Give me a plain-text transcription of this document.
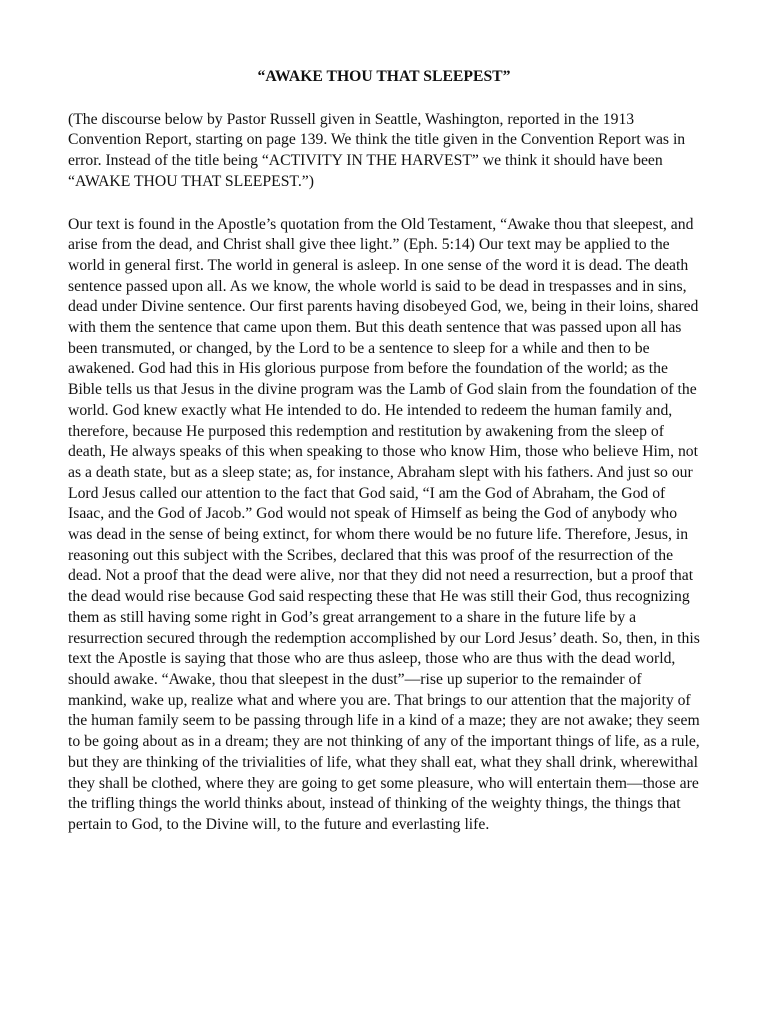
“AWAKE THOU THAT SLEEPEST”
(The discourse below by Pastor Russell given in Seattle, Washington, reported in the 1913 Convention Report, starting on page 139. We think the title given in the Convention Report was in error. Instead of the title being “ACTIVITY IN THE HARVEST” we think it should have been “AWAKE THOU THAT SLEEPEST.”)
Our text is found in the Apostle’s quotation from the Old Testament, “Awake thou that sleepest, and arise from the dead, and Christ shall give thee light.” (Eph. 5:14) Our text may be applied to the world in general first. The world in general is asleep. In one sense of the word it is dead. The death sentence passed upon all. As we know, the whole world is said to be dead in trespasses and in sins, dead under Divine sentence. Our first parents having disobeyed God, we, being in their loins, shared with them the sentence that came upon them. But this death sentence that was passed upon all has been transmuted, or changed, by the Lord to be a sentence to sleep for a while and then to be awakened. God had this in His glorious purpose from before the foundation of the world; as the Bible tells us that Jesus in the divine program was the Lamb of God slain from the foundation of the world. God knew exactly what He intended to do. He intended to redeem the human family and, therefore, because He purposed this redemption and restitution by awakening from the sleep of death, He always speaks of this when speaking to those who know Him, those who believe Him, not as a death state, but as a sleep state; as, for instance, Abraham slept with his fathers. And just so our Lord Jesus called our attention to the fact that God said, “I am the God of Abraham, the God of Isaac, and the God of Jacob.” God would not speak of Himself as being the God of anybody who was dead in the sense of being extinct, for whom there would be no future life. Therefore, Jesus, in reasoning out this subject with the Scribes, declared that this was proof of the resurrection of the dead. Not a proof that the dead were alive, nor that they did not need a resurrection, but a proof that the dead would rise because God said respecting these that He was still their God, thus recognizing them as still having some right in God’s great arrangement to a share in the future life by a resurrection secured through the redemption accomplished by our Lord Jesus’ death. So, then, in this text the Apostle is saying that those who are thus asleep, those who are thus with the dead world, should awake. “Awake, thou that sleepest in the dust”—rise up superior to the remainder of mankind, wake up, realize what and where you are. That brings to our attention that the majority of the human family seem to be passing through life in a kind of a maze; they are not awake; they seem to be going about as in a dream; they are not thinking of any of the important things of life, as a rule, but they are thinking of the trivialities of life, what they shall eat, what they shall drink, wherewithal they shall be clothed, where they are going to get some pleasure, who will entertain them—those are the trifling things the world thinks about, instead of thinking of the weighty things, the things that pertain to God, to the Divine will, to the future and everlasting life.
